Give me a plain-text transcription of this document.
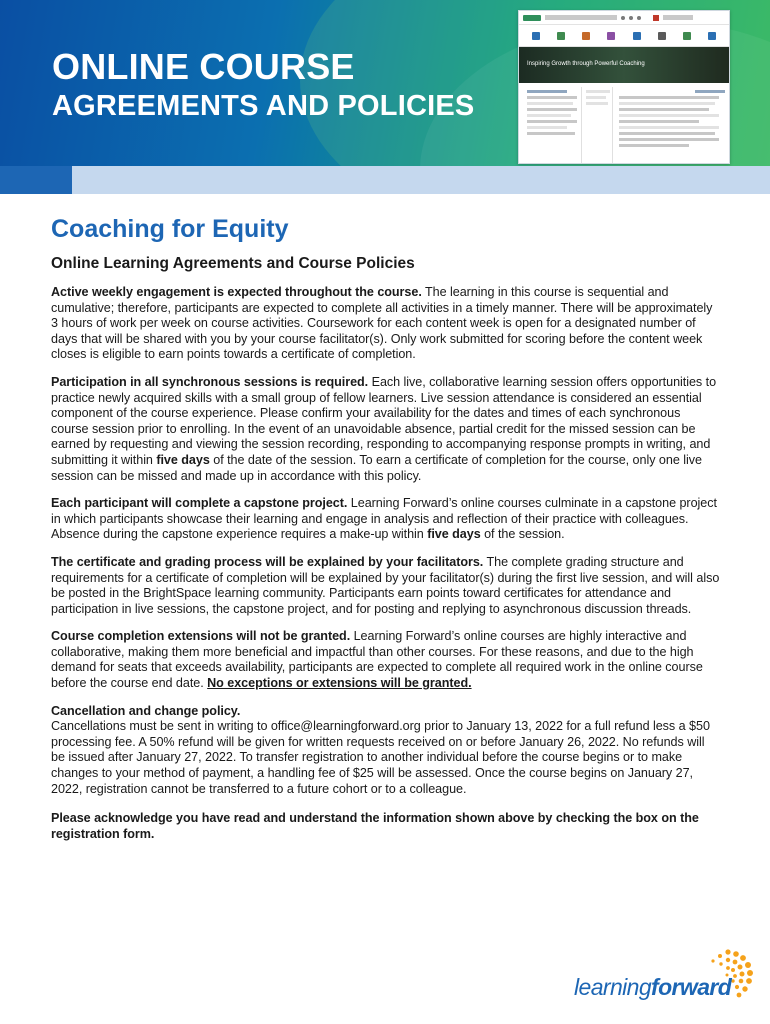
ONLINE COURSE
AGREEMENTS AND POLICIES
Inspiring Growth through Powerful Coaching
Coaching for Equity
Online Learning Agreements and Course Policies

Active weekly engagement is expected throughout the course. The learning in this course is sequential and cumulative; therefore, participants are expected to complete all activities in a timely manner. There will be approximately 3 hours of work per week on course activities. Coursework for each content week is open for a designated number of days that will be shared with you by your course facilitator(s). Only work submitted for scoring before the content week closes is eligible to earn points towards a certificate of completion.

Participation in all synchronous sessions is required. Each live, collaborative learning session offers opportunities to practice newly acquired skills with a small group of fellow learners. Live session attendance is considered an essential component of the course experience. Please confirm your availability for the dates and times of each synchronous course session prior to enrolling. In the event of an unavoidable absence, partial credit for the missed session can be earned by requesting and viewing the session recording, responding to accompanying response prompts in writing, and submitting it within five days of the date of the session. To earn a certificate of completion for the course, only one live session can be missed and made up in accordance with this policy.

Each participant will complete a capstone project. Learning Forward’s online courses culminate in a capstone project in which participants showcase their learning and engage in analysis and reflection of their practice with colleagues. Absence during the capstone experience requires a make-up within five days of the session.

The certificate and grading process will be explained by your facilitators. The complete grading structure and requirements for a certificate of completion will be explained by your facilitator(s) during the first live session, and will also be posted in the BrightSpace learning community. Participants earn points toward certificates for attendance and participation in live sessions, the capstone project, and for posting and replying to asynchronous discussion threads.

Course completion extensions will not be granted. Learning Forward’s online courses are highly interactive and collaborative, making them more beneficial and impactful than other courses. For these reasons, and due to the high demand for seats that exceeds availability, participants are expected to complete all required work in the online course before the course end date. No exceptions or extensions will be granted.

Cancellation and change policy.
Cancellations must be sent in writing to office@learningforward.org prior to January 13, 2022 for a full refund less a $50 processing fee. A 50% refund will be given for written requests received on or before January 26, 2022. No refunds will be issued after January 27, 2022. To transfer registration to another individual before the course begins or to make changes to your method of payment, a handling fee of $25 will be assessed. Once the course begins on January 27, 2022, registration cannot be transferred to a future cohort or to a colleague.

Please acknowledge you have read and understand the information shown above by checking the box on the registration form.

learningforward
